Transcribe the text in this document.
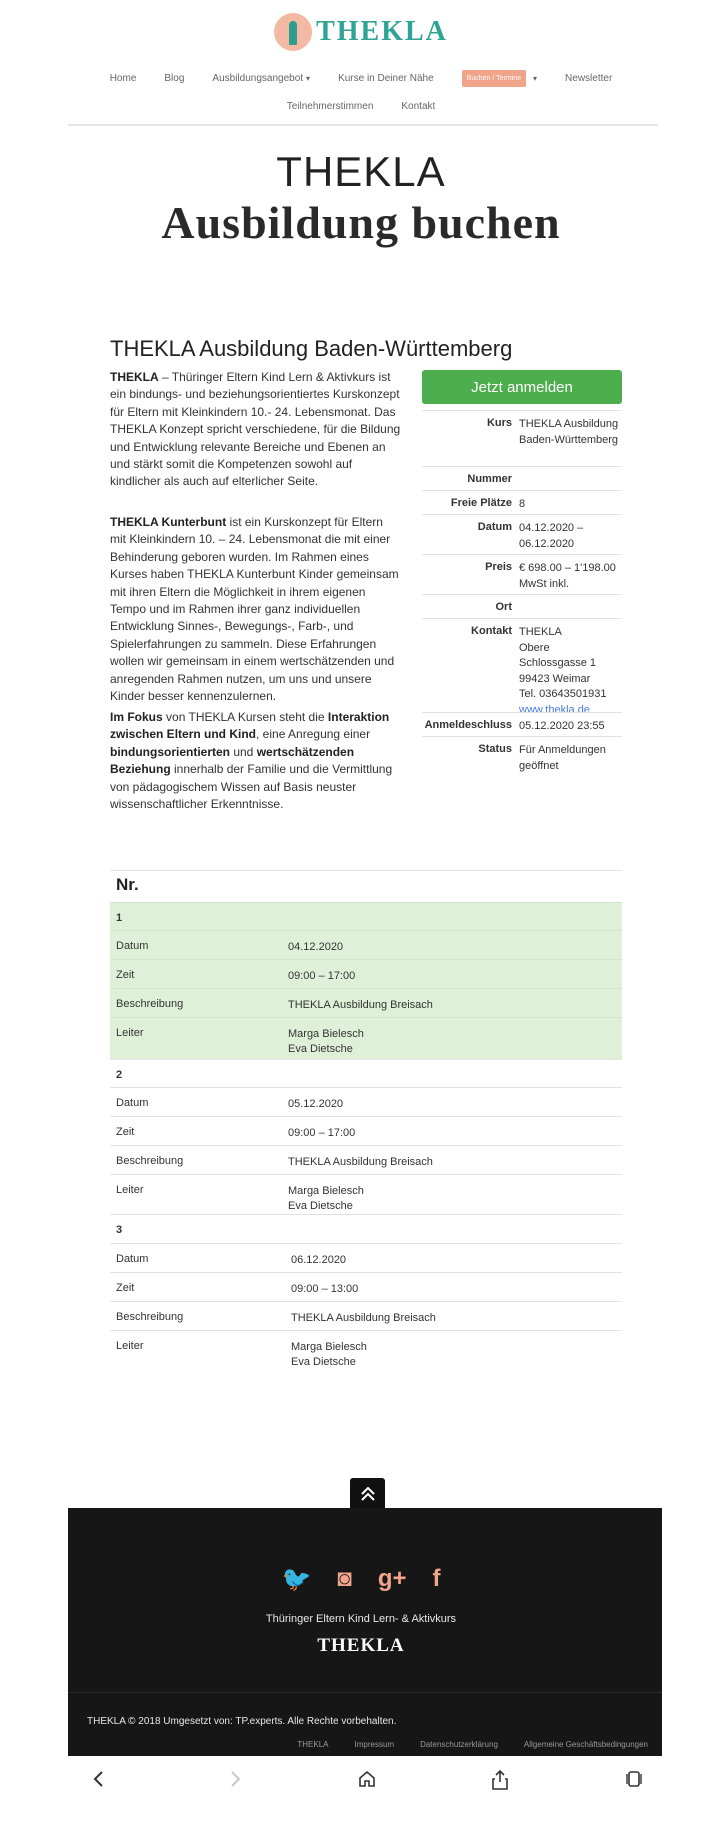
THEKLA
Home	Blog	Ausbildungsangebot ▾	Kurse in Deiner Nähe	Buchen / Termine	▾	Newsletter
Teilnehmerstimmen	Kontakt
THEKLA
Ausbildung buchen
THEKLA Ausbildung Baden-Württemberg
THEKLA – Thüringer Eltern Kind Lern & Aktivkurs ist ein bindungs- und beziehungsorientiertes Kurskonzept für Eltern mit Kleinkindern 10.- 24. Lebensmonat. Das THEKLA Konzept spricht verschiedene, für die Bildung und Entwicklung relevante Bereiche und Ebenen an und stärkt somit die Kompetenzen sowohl auf kindlicher als auch auf elterlicher Seite.
THEKLA Kunterbunt ist ein Kurskonzept für Eltern mit Kleinkindern 10. – 24. Lebensmonat die mit einer Behinderung geboren wurden. Im Rahmen eines Kurses haben THEKLA Kunterbunt Kinder gemeinsam mit ihren Eltern die Möglichkeit in ihrem eigenen Tempo und im Rahmen ihrer ganz individuellen Entwicklung Sinnes-, Bewegungs-, Farb-, und Spielerfahrungen zu sammeln. Diese Erfahrungen wollen wir gemeinsam in einem wertschätzenden und anregenden Rahmen nutzen, um uns und unsere Kinder besser kennenzulernen.
Im Fokus von THEKLA Kursen steht die Interaktion zwischen Eltern und Kind, eine Anregung einer bindungsorientierten und wertschätzenden Beziehung innerhalb der Familie und die Vermittlung von pädagogischem Wissen auf Basis neuster wissenschaftlicher Erkenntnisse.
Jetzt anmelden
Kurs THEKLA Ausbildung Baden-Württemberg
Nummer
Freie Plätze 8
Datum 04.12.2020 – 06.12.2020
Preis € 698.00 – 1'198.00 MwSt inkl.
Ort
Kontakt THEKLA
Obere
Schlossgasse 1
99423 Weimar
Tel. 03643501931
www.thekla.de
Anmeldeschluss 05.12.2020 23:55
Status Für Anmeldungen geöffnet
Nr.
1
Datum	04.12.2020
Zeit	09:00 – 17:00
Beschreibung	THEKLA Ausbildung Breisach
Leiter	Marga Bielesch
Eva Dietsche
2
Datum	05.12.2020
Zeit	09:00 – 17:00
Beschreibung	THEKLA Ausbildung Breisach
Leiter	Marga Bielesch
Eva Dietsche
3
Datum	06.12.2020
Zeit	09:00 – 13:00
Beschreibung	THEKLA Ausbildung Breisach
Leiter	Marga Bielesch
Eva Dietsche
🐦 ◙ g+ f
Thüringer Eltern Kind Lern- & Aktivkurs
THEKLA
THEKLA © 2018 Umgesetzt von: TP.experts. Alle Rechte vorbehalten.
THEKLA	Impressum	Datenschutzerklärung	Allgemeine Geschäftsbedingungen
